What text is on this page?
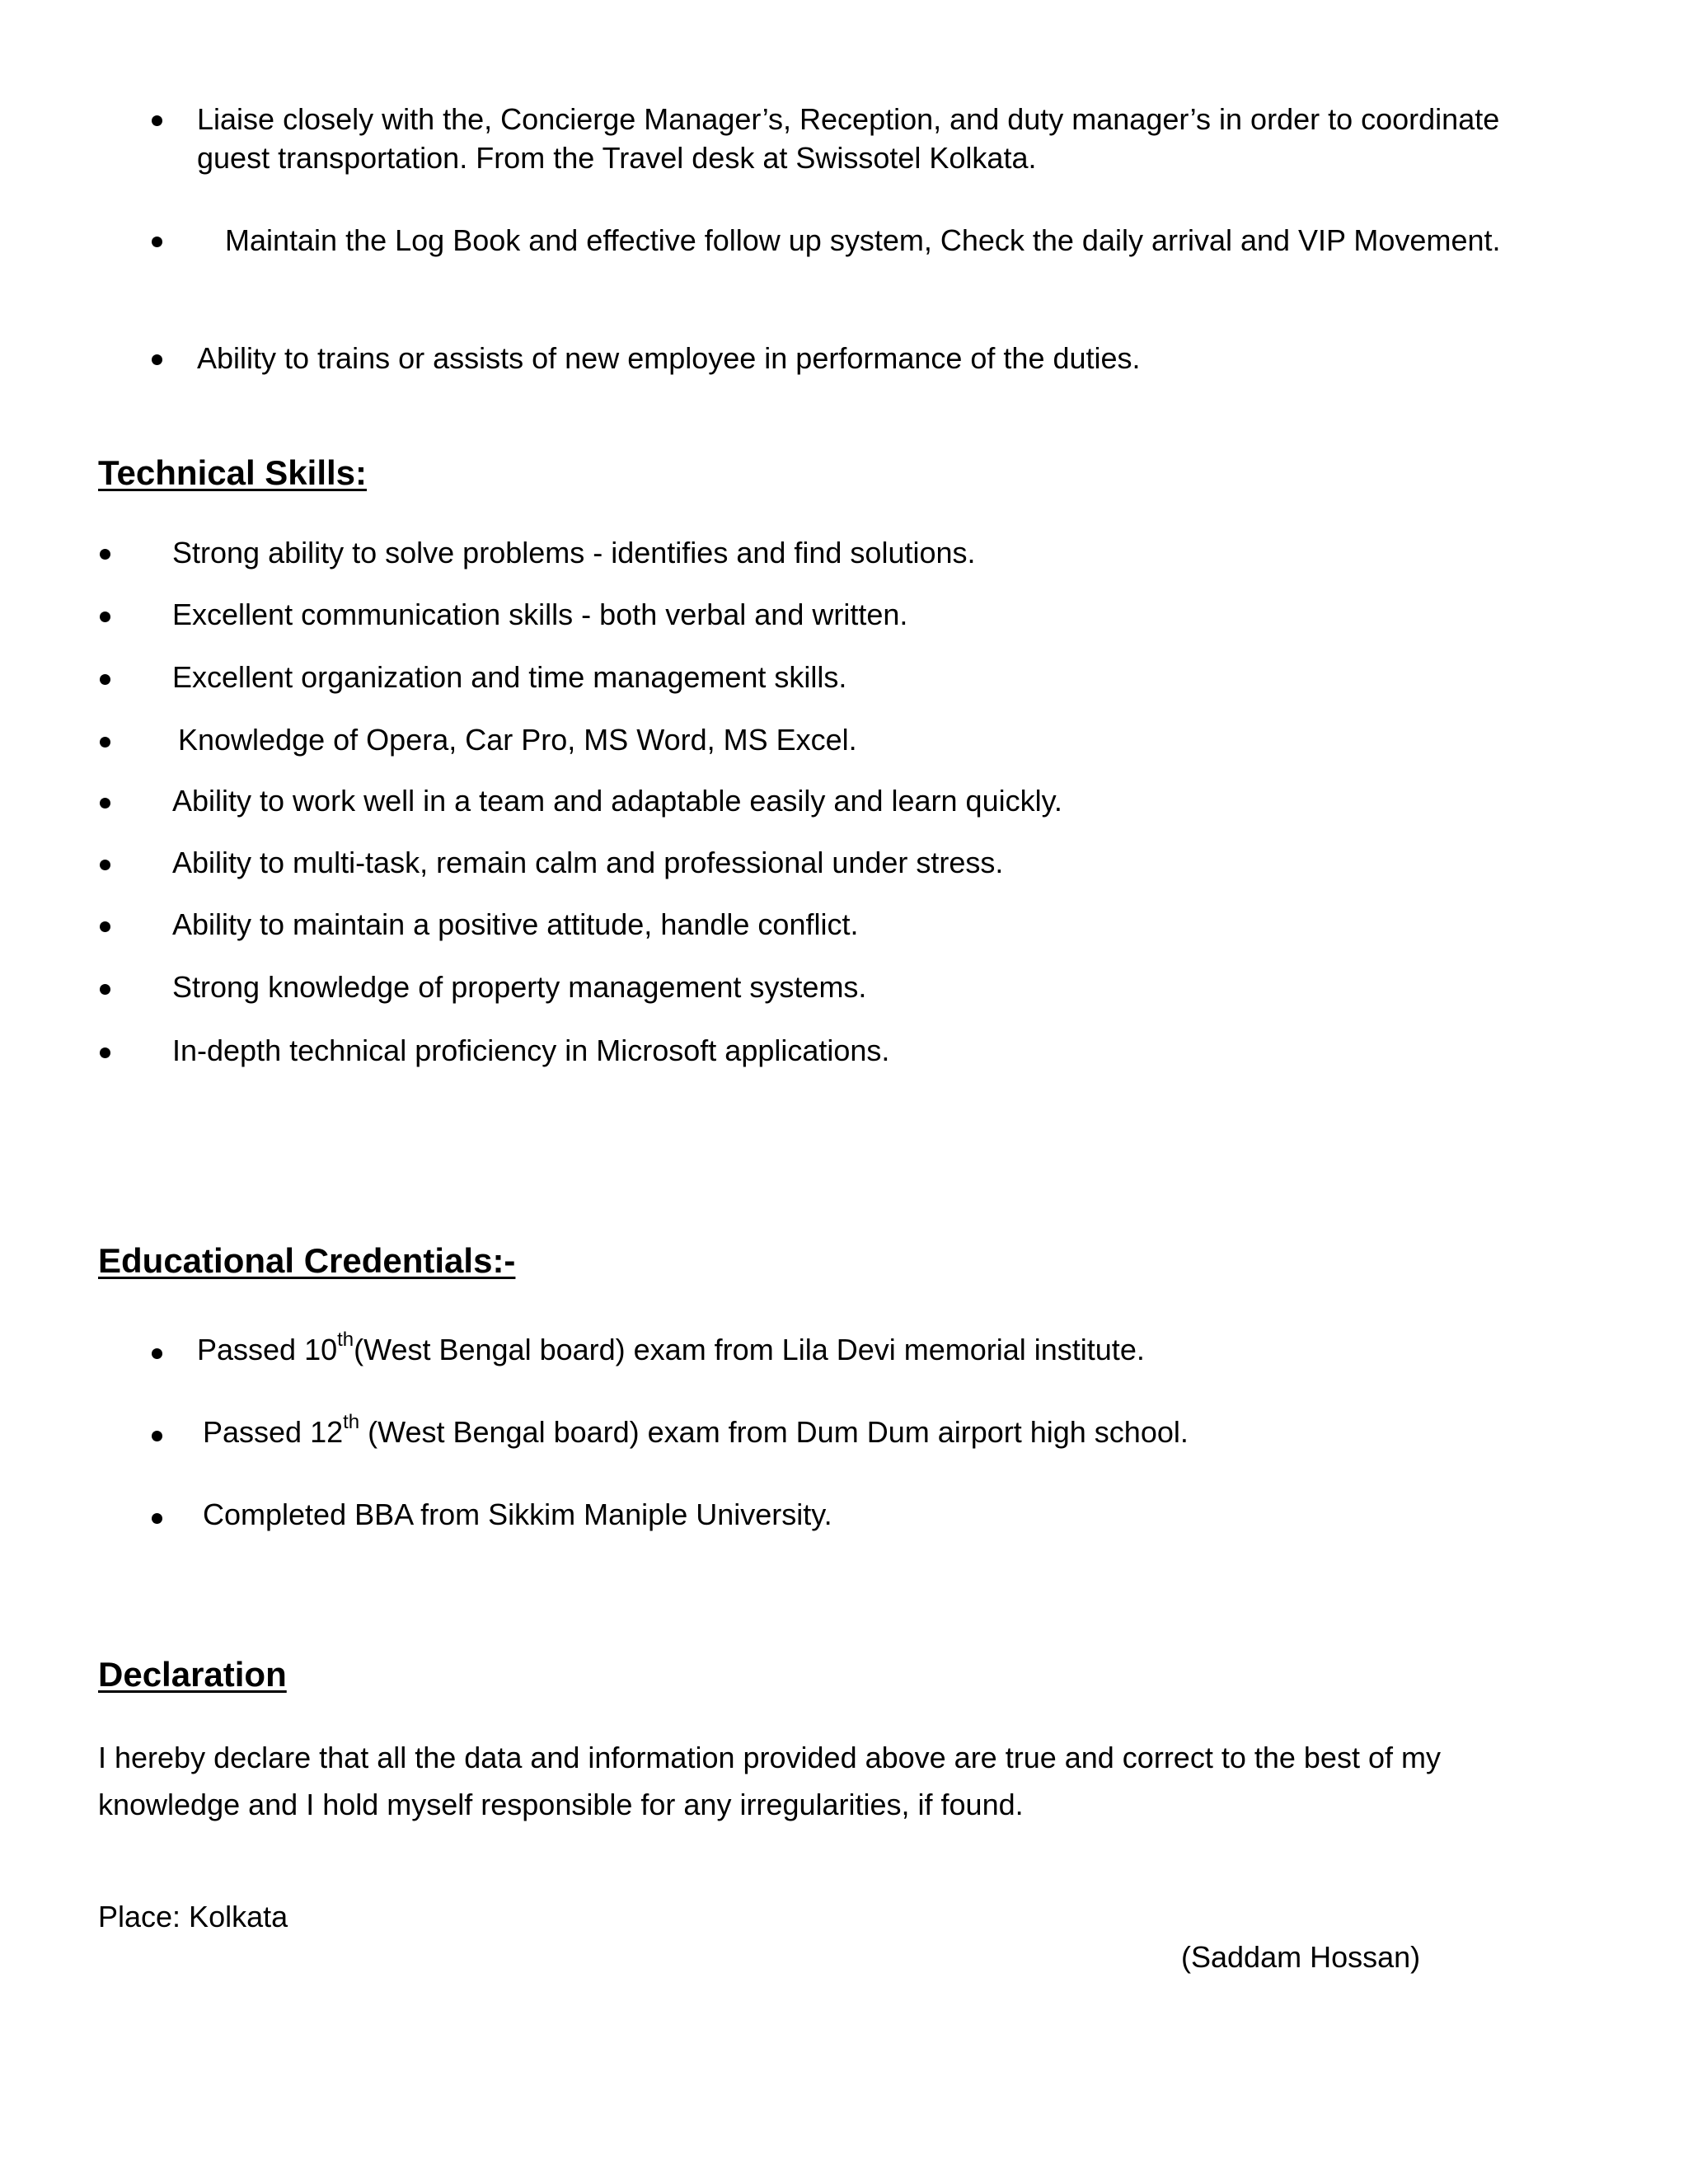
Liaise closely with the, Concierge Manager’s, Reception, and duty manager’s in order to coordinate
guest transportation. From the Travel desk at Swissotel Kolkata.
Maintain the Log Book and effective follow up system, Check the daily arrival and VIP Movement.
Ability to trains or assists of new employee in performance of the duties.
Technical Skills:
Strong ability to solve problems - identifies and find solutions.
Excellent communication skills - both verbal and written.
Excellent organization and time management skills.
Knowledge of Opera, Car Pro, MS Word, MS Excel.
Ability to work well in a team and adaptable easily and learn quickly.
Ability to multi-task, remain calm and professional under stress.
Ability to maintain a positive attitude, handle conflict.
Strong knowledge of property management systems.
In-depth technical proficiency in Microsoft applications.
Educational Credentials:-
Passed 10th(West Bengal board) exam from Lila Devi memorial institute.
Passed 12th (West Bengal board) exam from Dum Dum airport high school.
Completed BBA from Sikkim Maniple University.
Declaration
I hereby declare that all the data and information provided above are true and correct to the best of my
knowledge and I hold myself responsible for any irregularities, if found.
Place: Kolkata
(Saddam Hossan)
